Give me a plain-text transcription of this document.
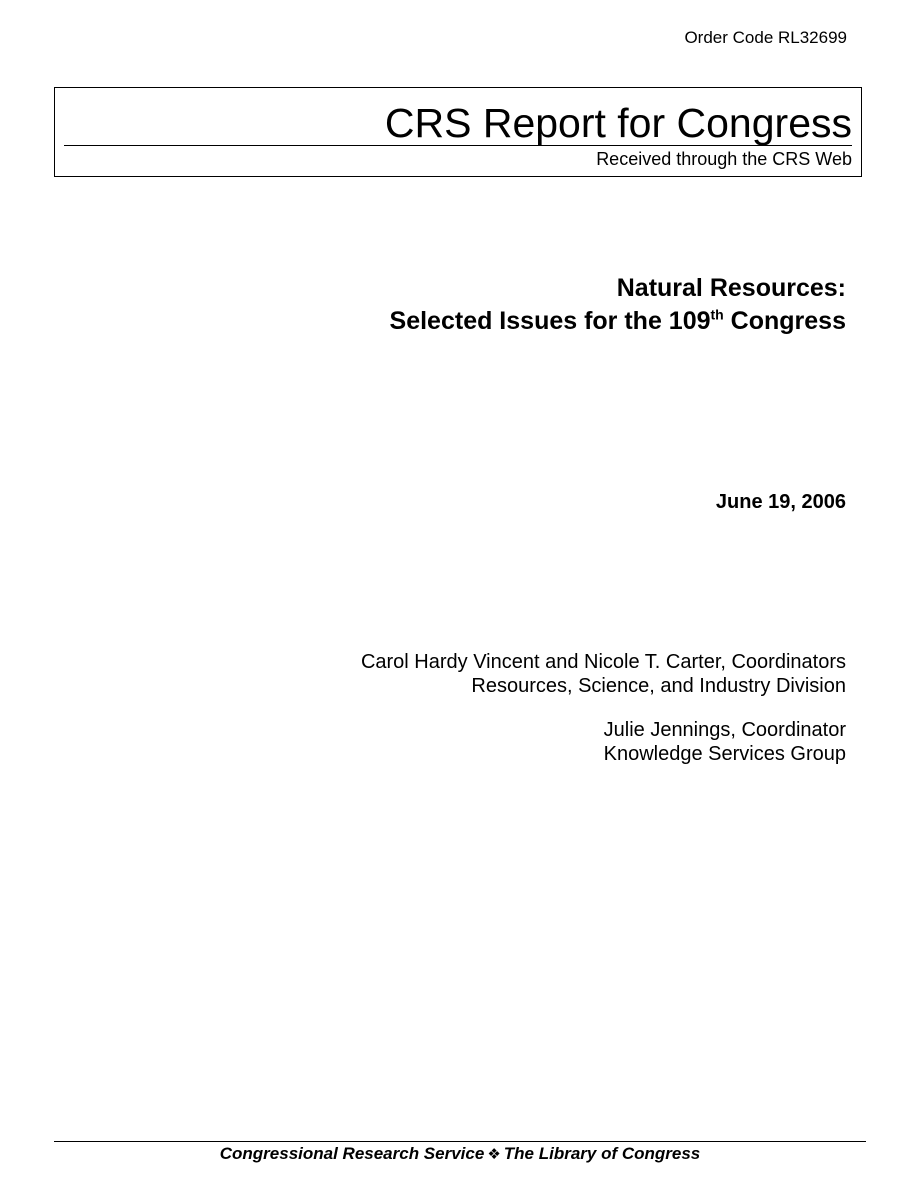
Order Code RL32699
CRS Report for Congress
Received through the CRS Web
Natural Resources:
Selected Issues for the 109th Congress
June 19, 2006
Carol Hardy Vincent and Nicole T. Carter, Coordinators
Resources, Science, and Industry Division
Julie Jennings, Coordinator
Knowledge Services Group
Congressional Research Service ❖ The Library of Congress
